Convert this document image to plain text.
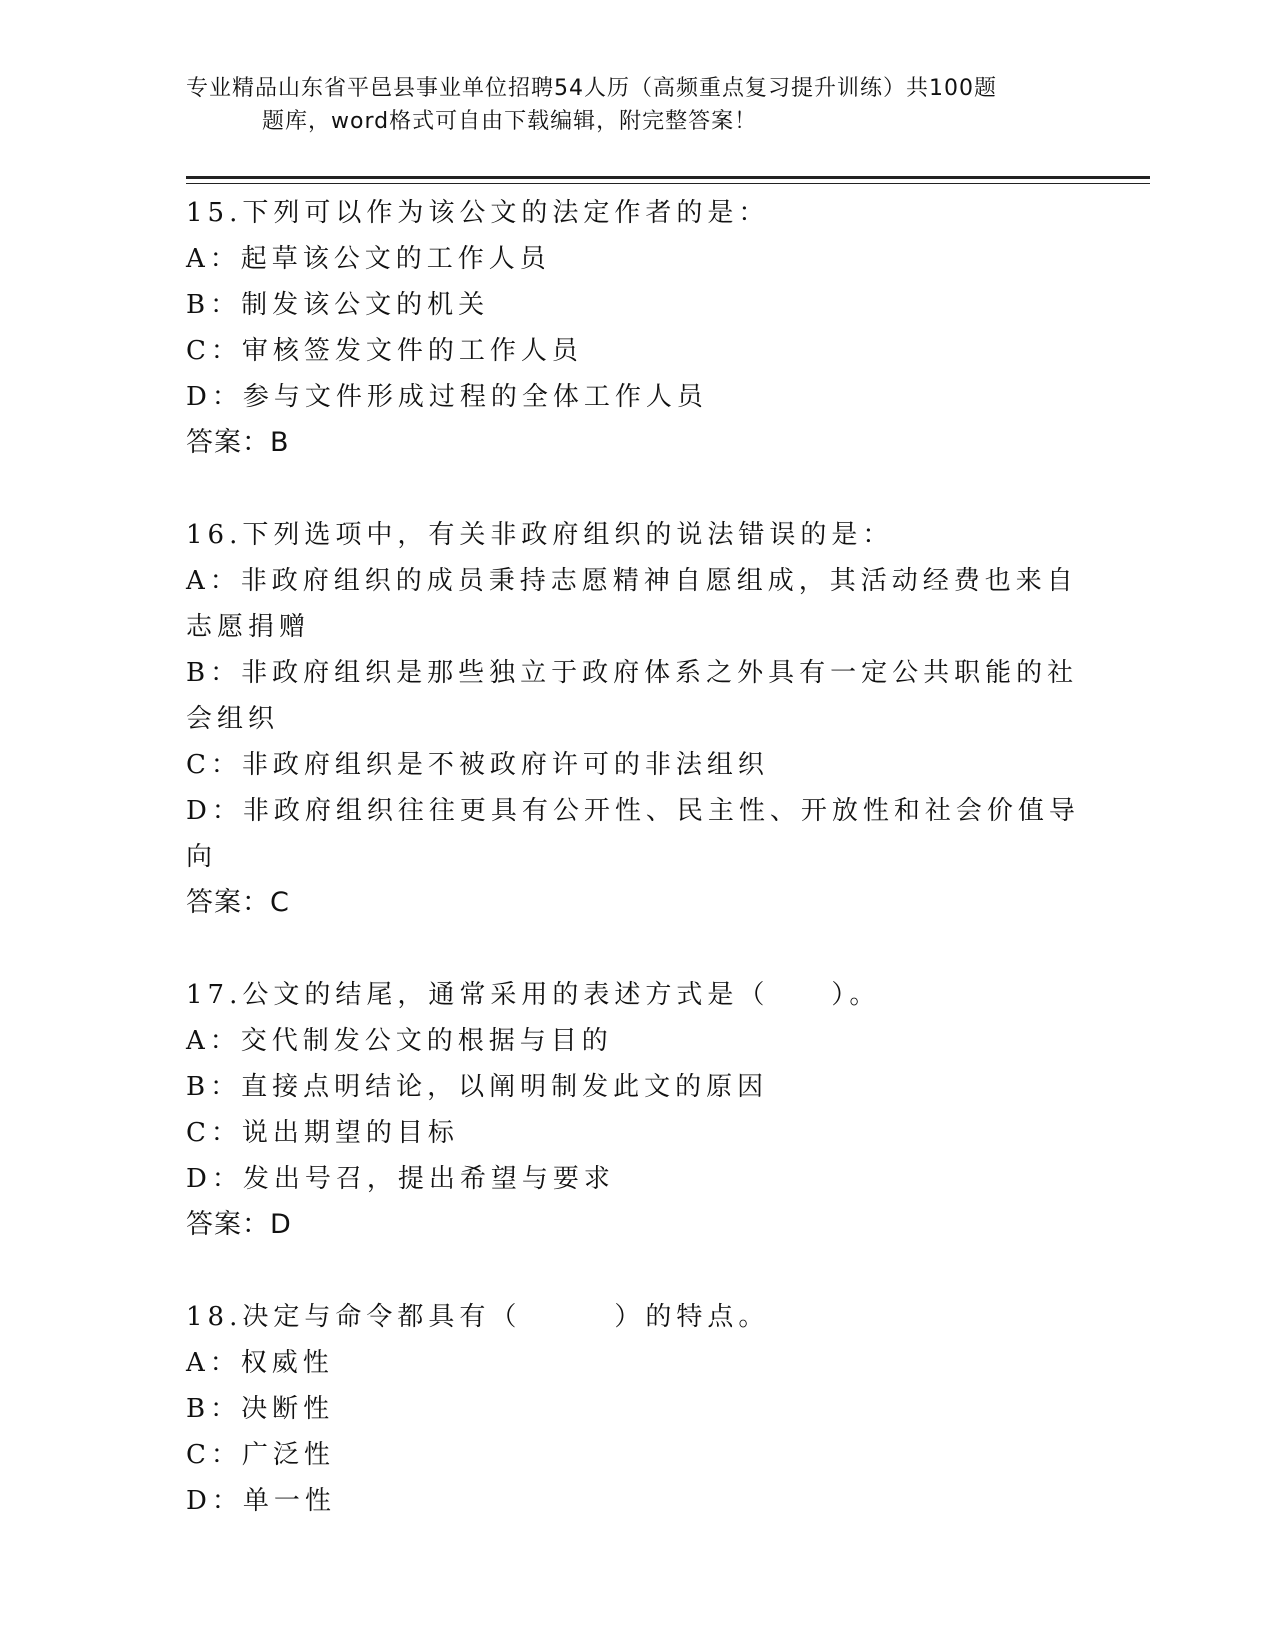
专业精品山东省平邑县事业单位招聘54人历（高频重点复习提升训练）共100题

题库，word格式可自由下载编辑，附完整答案！
15.下列可以作为该公文的法定作者的是：
A：起草该公文的工作人员
B：制发该公文的机关
C：审核签发文件的工作人员
D：参与文件形成过程的全体工作人员
答案：B
16.下列选项中，有关非政府组织的说法错误的是：
A：非政府组织的成员秉持志愿精神自愿组成，其活动经费也来自志愿捐赠
B：非政府组织是那些独立于政府体系之外具有一定公共职能的社会组织
C：非政府组织是不被政府许可的非法组织
D：非政府组织往往更具有公开性、民主性、开放性和社会价值导向
答案：C
17.公文的结尾，通常采用的表述方式是（　　）。
A：交代制发公文的根据与目的
B：直接点明结论，以阐明制发此文的原因
C：说出期望的目标
D：发出号召，提出希望与要求
答案：D
18.决定与命令都具有（　　　）的特点。
A：权威性
B：决断性
C：广泛性
D：单一性
